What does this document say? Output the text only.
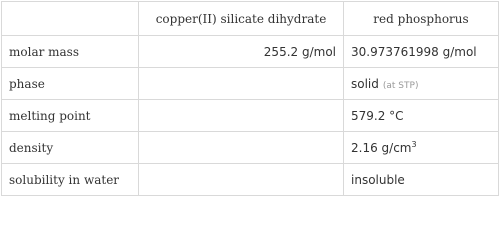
	copper(II) silicate dihydrate	red phosphorus
molar mass	255.2 g/mol	30.973761998 g/mol
phase		solid (at STP)
melting point		579.2 °C
density		2.16 $g/cm^3$
solubility in water		insoluble
